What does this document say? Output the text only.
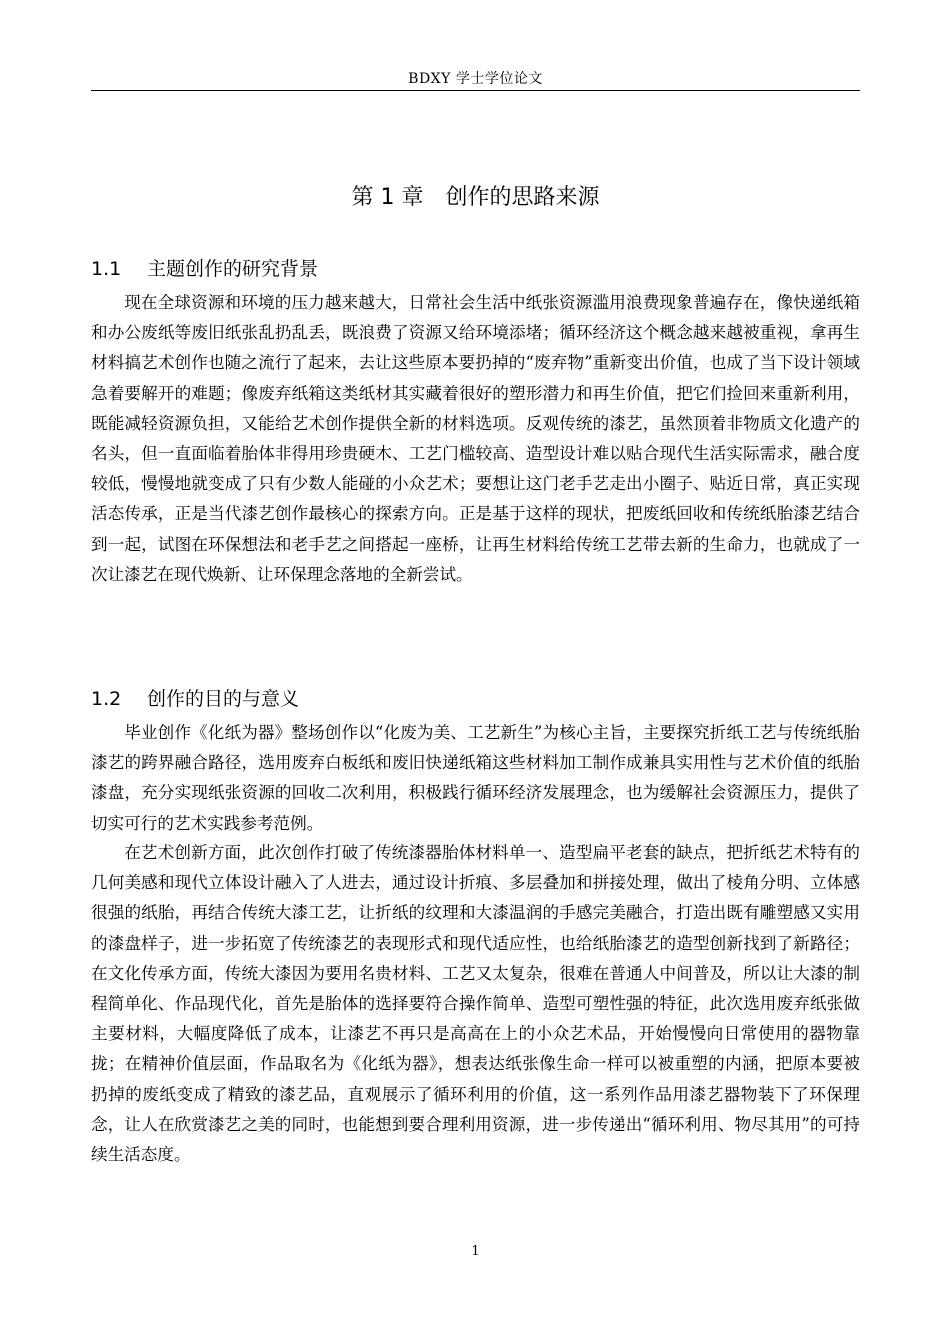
BDXY 学士学位论文
第 1 章 创作的思路来源
1.1 主题创作的研究背景

现在全球资源和环境的压力越来越大，日常社会生活中纸张资源滥用浪费现象普遍存在，像快递纸箱和办公废纸等废旧纸张乱扔乱丢，既浪费了资源又给环境添堵；循环经济这个概念越来越被重视，拿再生材料搞艺术创作也随之流行了起来，去让这些原本要扔掉的“废弃物”重新变出价值，也成了当下设计领域急着要解开的难题；像废弃纸箱这类纸材其实藏着很好的塑形潜力和再生价值，把它们捡回来重新利用，既能减轻资源负担，又能给艺术创作提供全新的材料选项。反观传统的漆艺，虽然顶着非物质文化遗产的名头，但一直面临着胎体非得用珍贵硬木、工艺门槛较高、造型设计难以贴合现代生活实际需求，融合度较低，慢慢地就变成了只有少数人能碰的小众艺术；要想让这门老手艺走出小圈子、贴近日常，真正实现活态传承，正是当代漆艺创作最核心的探索方向。正是基于这样的现状，把废纸回收和传统纸胎漆艺结合到一起，试图在环保想法和老手艺之间搭起一座桥，让再生材料给传统工艺带去新的生命力，也就成了一次让漆艺在现代焕新、让环保理念落地的全新尝试。

1.2 创作的目的与意义

毕业创作《化纸为器》整场创作以“化废为美、工艺新生”为核心主旨，主要探究折纸工艺与传统纸胎漆艺的跨界融合路径，选用废弃白板纸和废旧快递纸箱这些材料加工制作成兼具实用性与艺术价值的纸胎漆盘，充分实现纸张资源的回收二次利用，积极践行循环经济发展理念，也为缓解社会资源压力，提供了切实可行的艺术实践参考范例。

在艺术创新方面，此次创作打破了传统漆器胎体材料单一、造型扁平老套的缺点，把折纸艺术特有的几何美感和现代立体设计融入了人进去，通过设计折痕、多层叠加和拼接处理，做出了棱角分明、立体感很强的纸胎，再结合传统大漆工艺，让折纸的纹理和大漆温润的手感完美融合，打造出既有雕塑感又实用的漆盘样子，进一步拓宽了传统漆艺的表现形式和现代适应性，也给纸胎漆艺的造型创新找到了新路径；在文化传承方面，传统大漆因为要用名贵材料、工艺又太复杂，很难在普通人中间普及，所以让大漆的制程简单化、作品现代化，首先是胎体的选择要符合操作简单、造型可塑性强的特征，此次选用废弃纸张做主要材料，大幅度降低了成本，让漆艺不再只是高高在上的小众艺术品，开始慢慢向日常使用的器物靠拢；在精神价值层面，作品取名为《化纸为器》，想表达纸张像生命一样可以被重塑的内涵，把原本要被扔掉的废纸变成了精致的漆艺品，直观展示了循环利用的价值，这一系列作品用漆艺器物装下了环保理念，让人在欣赏漆艺之美的同时，也能想到要合理利用资源，进一步传递出“循环利用、物尽其用”的可持续生活态度。

1
